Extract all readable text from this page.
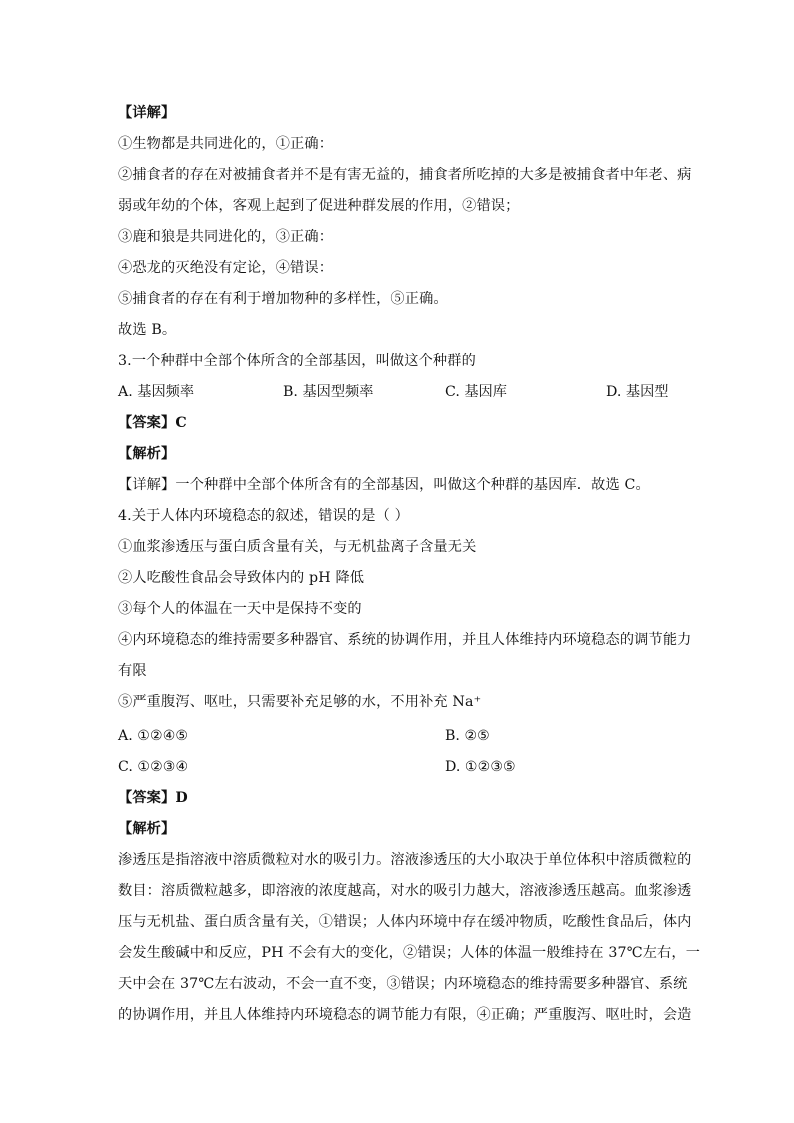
【详解】
①生物都是共同进化的，①正确：
②捕食者的存在对被捕食者并不是有害无益的，捕食者所吃掉的大多是被捕食者中年老、病
弱或年幼的个体，客观上起到了促进种群发展的作用，②错误；
③鹿和狼是共同进化的，③正确：
④恐龙的灭绝没有定论，④错误：
⑤捕食者的存在有利于增加物种的多样性，⑤正确。
故选 B。
3.一个种群中全部个体所含的全部基因，叫做这个种群的
A. 基因频率	B. 基因型频率	C. 基因库	D. 基因型
【答案】C
【解析】
【详解】一个种群中全部个体所含有的全部基因，叫做这个种群的基因库．故选 C。
4.关于人体内环境稳态的叙述，错误的是（ ）
①血浆渗透压与蛋白质含量有关，与无机盐离子含量无关
②人吃酸性食品会导致体内的 pH 降低
③每个人的体温在一天中是保持不变的
④内环境稳态的维持需要多种器官、系统的协调作用，并且人体维持内环境稳态的调节能力
有限
⑤严重腹泻、呕吐，只需要补充足够的水，不用补充 Na⁺
A. ①②④⑤	B. ②⑤
C. ①②③④	D. ①②③⑤
【答案】D
【解析】
渗透压是指溶液中溶质微粒对水的吸引力。溶液渗透压的大小取决于单位体积中溶质微粒的
数目：溶质微粒越多，即溶液的浓度越高，对水的吸引力越大，溶液渗透压越高。血浆渗透
压与无机盐、蛋白质含量有关，①错误；人体内环境中存在缓冲物质，吃酸性食品后，体内
会发生酸碱中和反应，PH 不会有大的变化，②错误；人体的体温一般维持在 37℃左右，一
天中会在 37℃左右波动，不会一直不变，③错误；内环境稳态的维持需要多种器官、系统
的协调作用，并且人体维持内环境稳态的调节能力有限，④正确；严重腹泻、呕吐时，会造
